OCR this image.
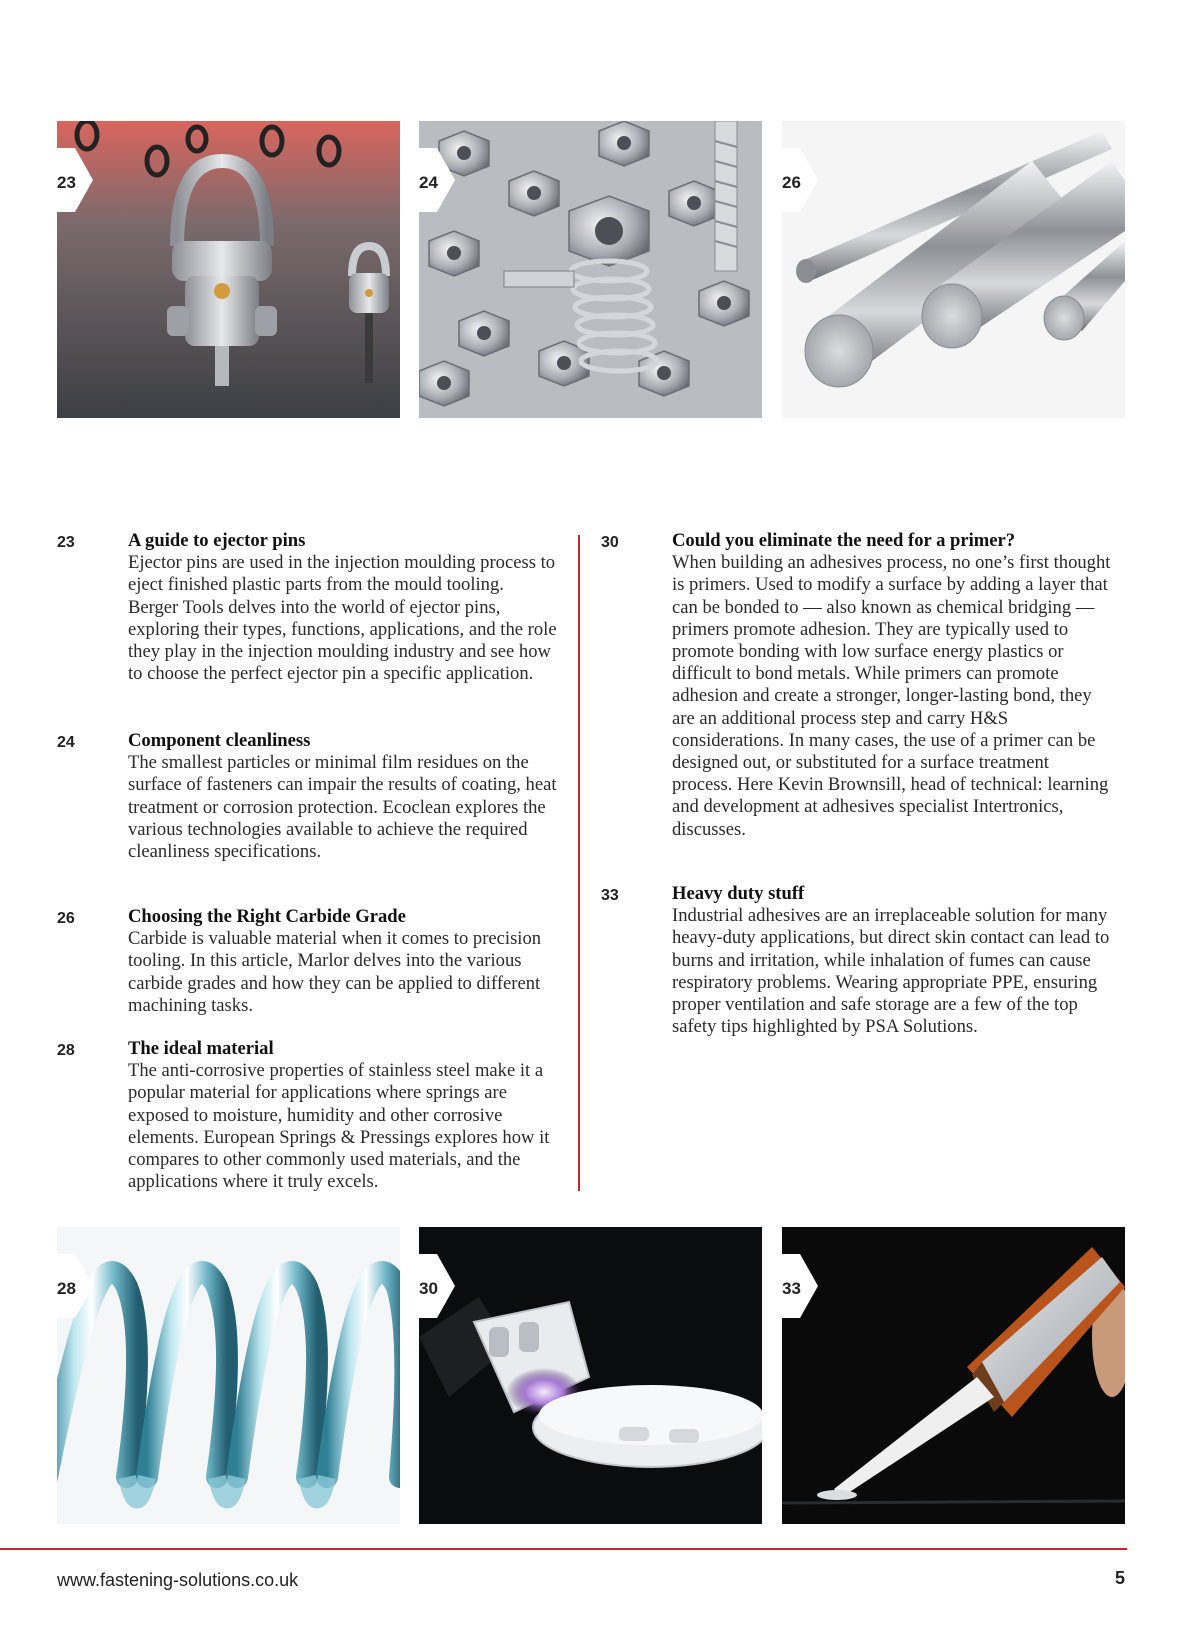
23	24	26
23	A guide to ejector pins
Ejector pins are used in the injection moulding process to eject finished plastic parts from the mould tooling. Berger Tools delves into the world of ejector pins, exploring their types, functions, applications, and the role they play in the injection moulding industry and see how to choose the perfect ejector pin a specific application.
24	Component cleanliness
The smallest particles or minimal film residues on the surface of fasteners can impair the results of coating, heat treatment or corrosion protection. Ecoclean explores the various technologies available to achieve the required cleanliness specifications.
26	Choosing the Right Carbide Grade
Carbide is valuable material when it comes to precision tooling. In this article, Marlor delves into the various carbide grades and how they can be applied to different machining tasks.
28	The ideal material
The anti-corrosive properties of stainless steel make it a popular material for applications where springs are exposed to moisture, humidity and other corrosive elements. European Springs & Pressings explores how it compares to other commonly used materials, and the applications where it truly excels.
30	Could you eliminate the need for a primer?
When building an adhesives process, no one’s first thought is primers. Used to modify a surface by adding a layer that can be bonded to — also known as chemical bridging — primers promote adhesion. They are typically used to promote bonding with low surface energy plastics or difficult to bond metals. While primers can promote adhesion and create a stronger, longer-lasting bond, they are an additional process step and carry H&S considerations. In many cases, the use of a primer can be designed out, or substituted for a surface treatment process. Here Kevin Brownsill, head of technical: learning and development at adhesives specialist Intertronics, discusses.
33	Heavy duty stuff
Industrial adhesives are an irreplaceable solution for many heavy-duty applications, but direct skin contact can lead to burns and irritation, while inhalation of fumes can cause respiratory problems. Wearing appropriate PPE, ensuring proper ventilation and safe storage are a few of the top safety tips highlighted by PSA Solutions.
28	30	33
www.fastening-solutions.co.uk	5
